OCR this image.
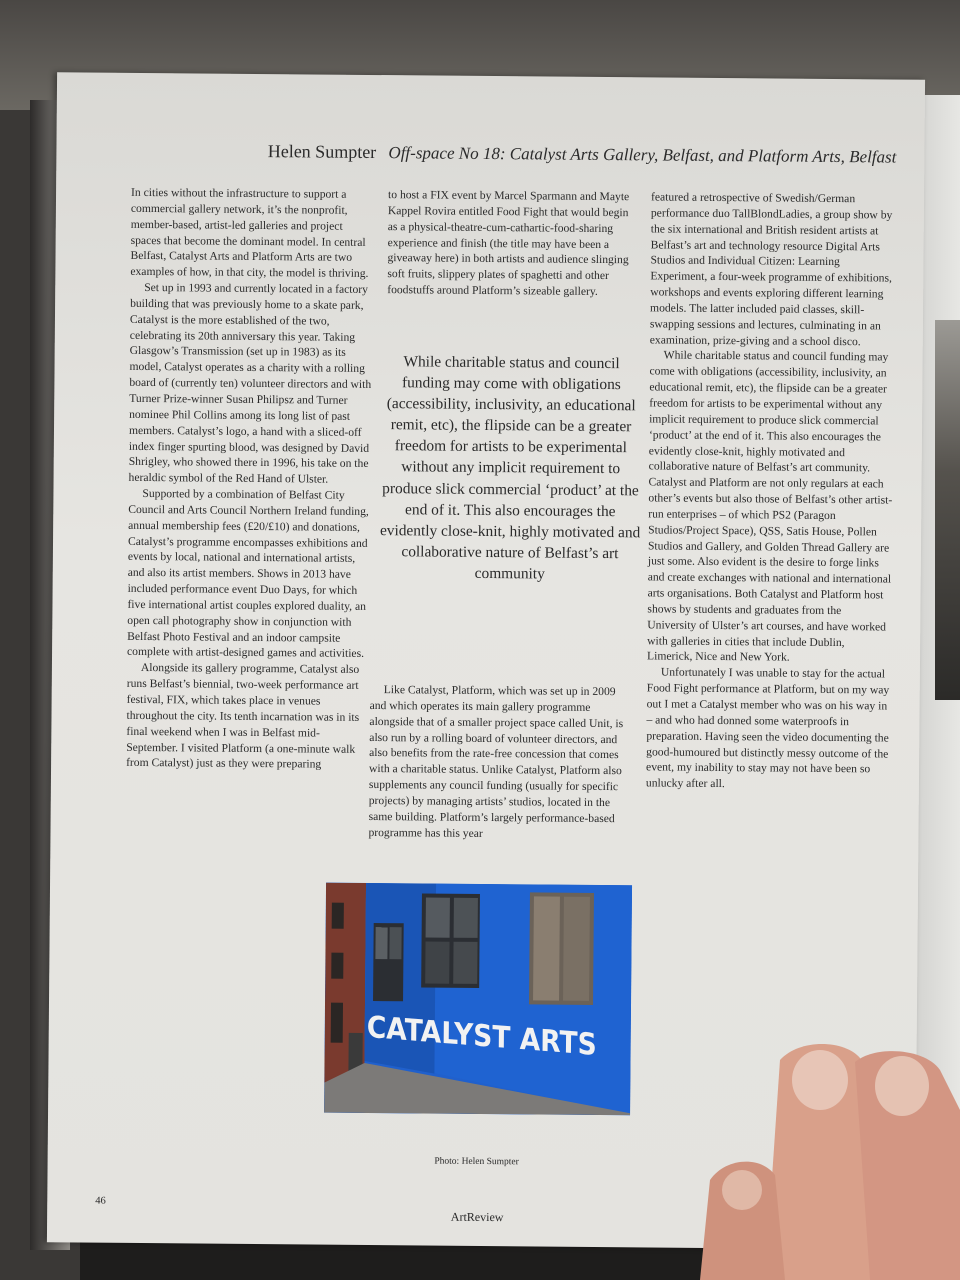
Helen Sumpter Off-space No 18: Catalyst Arts Gallery, Belfast, and Platform Arts, Belfast

In cities without the infrastructure to support a commercial gallery network, it’s the nonprofit, member-based, artist-led galleries and project spaces that become the dominant model. In central Belfast, Catalyst Arts and Platform Arts are two examples of how, in that city, the model is thriving.

Set up in 1993 and currently located in a factory building that was previously home to a skate park, Catalyst is the more established of the two, celebrating its 20th anniversary this year. Taking Glasgow’s Transmission (set up in 1983) as its model, Catalyst operates as a charity with a rolling board of (currently ten) volunteer directors and with Turner Prize-winner Susan Philipsz and Turner nominee Phil Collins among its long list of past members. Catalyst’s logo, a hand with a sliced-off index finger spurting blood, was designed by David Shrigley, who showed there in 1996, his take on the heraldic symbol of the Red Hand of Ulster.

Supported by a combination of Belfast City Council and Arts Council Northern Ireland funding, annual membership fees (£20/£10) and donations, Catalyst’s programme encompasses exhibitions and events by local, national and international artists, and also its artist members. Shows in 2013 have included performance event Duo Days, for which five international artist couples explored duality, an open call photography show in conjunction with Belfast Photo Festival and an indoor campsite complete with artist-designed games and activities.

Alongside its gallery programme, Catalyst also runs Belfast’s biennial, two-week performance art festival, FIX, which takes place in venues throughout the city. Its tenth incarnation was in its final weekend when I was in Belfast mid-September. I visited Platform (a one-minute walk from Catalyst) just as they were preparing

to host a FIX event by Marcel Sparmann and Mayte Kappel Rovira entitled Food Fight that would begin as a physical-theatre-cum-cathartic-food-sharing experience and finish (the title may have been a giveaway here) in both artists and audience slinging soft fruits, slippery plates of spaghetti and other foodstuffs around Platform’s sizeable gallery.

While charitable status and council funding may come with obligations (accessibility, inclusivity, an educational remit, etc), the flipside can be a greater freedom for artists to be experimental without any implicit requirement to produce slick commercial ‘product’ at the end of it. This also encourages the evidently close-knit, highly motivated and collaborative nature of Belfast’s art community

Like Catalyst, Platform, which was set up in 2009 and which operates its main gallery programme alongside that of a smaller project space called Unit, is also run by a rolling board of volunteer directors, and also benefits from the rate-free concession that comes with a charitable status. Unlike Catalyst, Platform also supplements any council funding (usually for specific projects) by managing artists’ studios, located in the same building. Platform’s largely performance-based programme has this year

featured a retrospective of Swedish/German performance duo TallBlondLadies, a group show by the six international and British resident artists at Belfast’s art and technology resource Digital Arts Studios and Individual Citizen: Learning Experiment, a four-week programme of exhibitions, workshops and events exploring different learning models. The latter included paid classes, skill-swapping sessions and lectures, culminating in an examination, prize-giving and a school disco.

While charitable status and council funding may come with obligations (accessibility, inclusivity, an educational remit, etc), the flipside can be a greater freedom for artists to be experimental without any implicit requirement to produce slick commercial ‘product’ at the end of it. This also encourages the evidently close-knit, highly motivated and collaborative nature of Belfast’s art community. Catalyst and Platform are not only regulars at each other’s events but also those of Belfast’s other artist-run enterprises – of which PS2 (Paragon Studios/Project Space), QSS, Satis House, Pollen Studios and Gallery, and Golden Thread Gallery are just some. Also evident is the desire to forge links and create exchanges with national and international arts organisations. Both Catalyst and Platform host shows by students and graduates from the University of Ulster’s art courses, and have worked with galleries in cities that include Dublin, Limerick, Nice and New York.

Unfortunately I was unable to stay for the actual Food Fight performance at Platform, but on my way out I met a Catalyst member who was on his way in – and who had donned some waterproofs in preparation. Having seen the video documenting the good-humoured but distinctly messy outcome of the event, my inability to stay may not have been so unlucky after all.

CATALYST ARTS
Photo: Helen Sumpter
46
ArtReview
